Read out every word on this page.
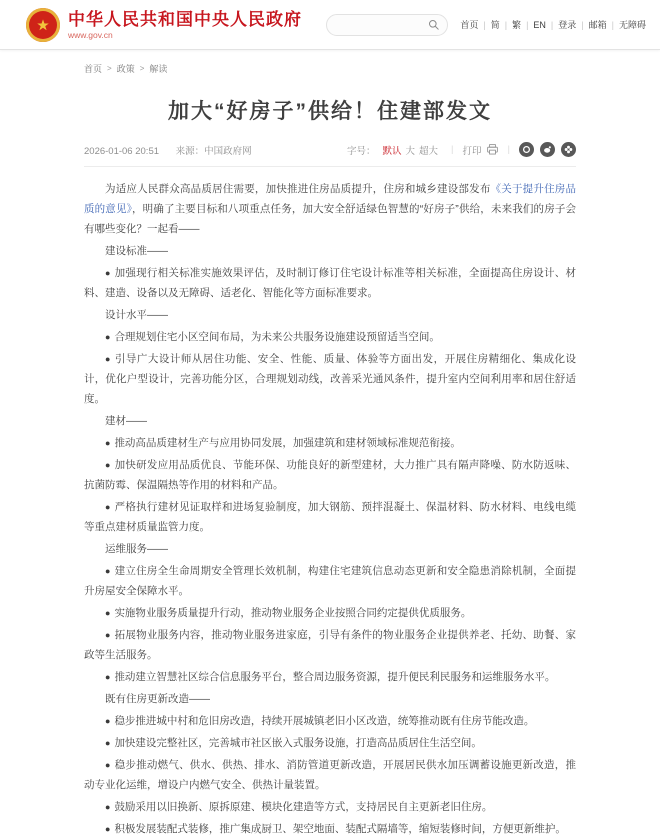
中华人民共和国中央人民政府
www.gov.cn
首页 | 简 | 繁 | EN | 登录 | 邮箱 | 无障碍
首页 > 政策 > 解读
加大“好房子”供给！住建部发文
2026-01-06 20:51 来源：中国政府网	字号： 默认 大 超大	| 打印	|

为适应人民群众高品质居住需要，加快推进住房品质提升，住房和城乡建设部发布《关于提升住房品质的意见》，明确了主要目标和八项重点任务，加大安全舒适绿色智慧的“好房子”供给，未来我们的房子会有哪些变化？一起看——

建设标准——

● 加强现行相关标准实施效果评估，及时制订修订住宅设计标准等相关标准，全面提高住房设计、材料、建造、设备以及无障碍、适老化、智能化等方面标准要求。

设计水平——

● 合理规划住宅小区空间布局，为未来公共服务设施建设预留适当空间。

● 引导广大设计师从居住功能、安全、性能、质量、体验等方面出发，开展住房精细化、集成化设计，优化户型设计，完善功能分区，合理规划动线，改善采光通风条件，提升室内空间利用率和居住舒适度。

建材——

● 推动高品质建材生产与应用协同发展，加强建筑和建材领域标准规范衔接。

● 加快研发应用品质优良、节能环保、功能良好的新型建材，大力推广具有隔声降噪、防水防返味、抗菌防霉、保温隔热等作用的材料和产品。

● 严格执行建材见证取样和进场复验制度，加大钢筋、预拌混凝土、保温材料、防水材料、电线电缆等重点建材质量监管力度。

运维服务——

● 建立住房全生命周期安全管理长效机制，构建住宅建筑信息动态更新和安全隐患消除机制，全面提升房屋安全保障水平。

● 实施物业服务质量提升行动，推动物业服务企业按照合同约定提供优质服务。

● 拓展物业服务内容，推动物业服务进家庭，引导有条件的物业服务企业提供养老、托幼、助餐、家政等生活服务。

● 推动建立智慧社区综合信息服务平台，整合周边服务资源，提升便民利民服务和运维服务水平。

既有住房更新改造——

● 稳步推进城中村和危旧房改造，持续开展城镇老旧小区改造，统筹推动既有住房节能改造。

● 加快建设完整社区，完善城市社区嵌入式服务设施，打造高品质居住生活空间。

● 稳步推动燃气、供水、供热、排水、消防管道更新改造，开展居民供水加压调蓄设施更新改造，推动专业化运维，增设户内燃气安全、供热计量装置。

● 鼓励采用以旧换新、原拆原建、模块化建造等方式，支持居民自主更新老旧住房。

● 积极发展装配式装修，推广集成厨卫、架空地面、装配式隔墙等，缩短装修时间，方便更新维护。
